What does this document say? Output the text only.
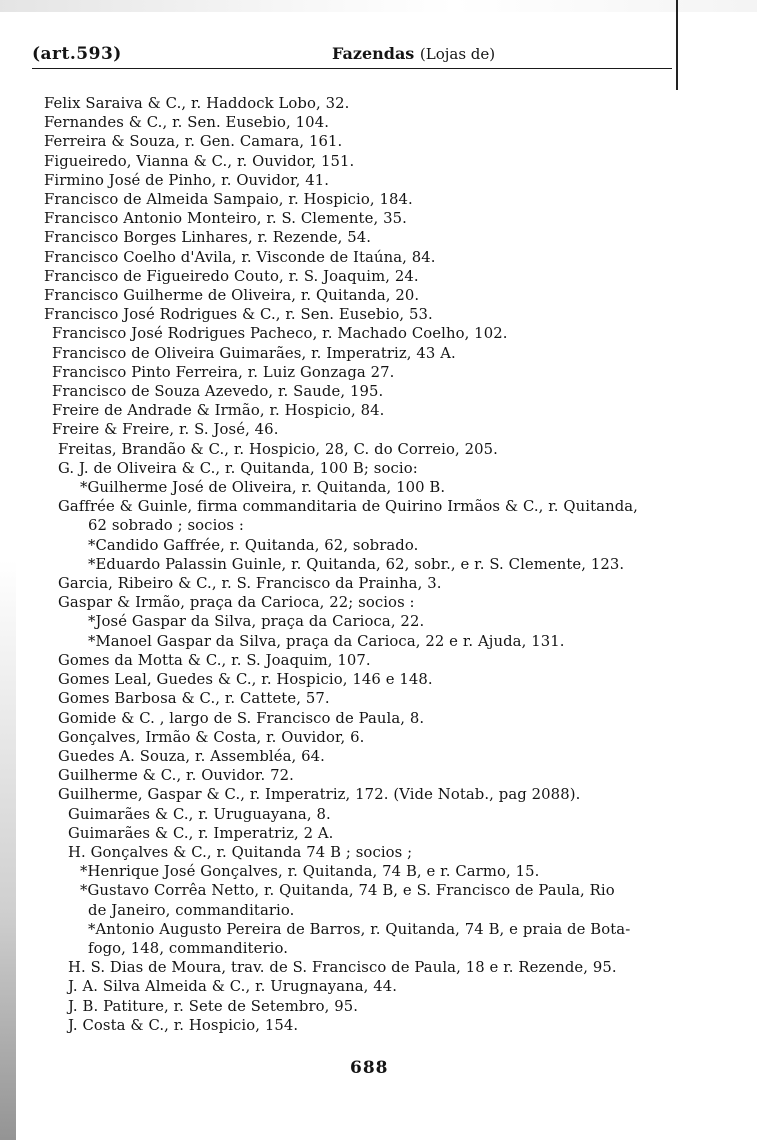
(art.593)	Fazendas (Lojas de)
Felix Saraiva & C., r. Haddock Lobo, 32.
Fernandes & C., r. Sen. Eusebio, 104.
Ferreira & Souza, r. Gen. Camara, 161.
Figueiredo, Vianna & C., r. Ouvidor, 151.
Firmino José de Pinho, r. Ouvidor, 41.
Francisco de Almeida Sampaio, r. Hospicio, 184.
Francisco Antonio Monteiro, r. S. Clemente, 35.
Francisco Borges Linhares, r. Rezende, 54.
Francisco Coelho d'Avila, r. Visconde de Itaúna, 84.
Francisco de Figueiredo Couto, r. S. Joaquim, 24.
Francisco Guilherme de Oliveira, r. Quitanda, 20.
Francisco José Rodrigues & C., r. Sen. Eusebio, 53.
Francisco José Rodrigues Pacheco, r. Machado Coelho, 102.
Francisco de Oliveira Guimarães, r. Imperatriz, 43 A.
Francisco Pinto Ferreira, r. Luiz Gonzaga 27.
Francisco de Souza Azevedo, r. Saude, 195.
Freire de Andrade & Irmão, r. Hospicio, 84.
Freire & Freire, r. S. José, 46.
Freitas, Brandão & C., r. Hospicio, 28, C. do Correio, 205.
G. J. de Oliveira & C., r. Quitanda, 100 B; socio:
*Guilherme José de Oliveira, r. Quitanda, 100 B.
Gaffrée & Guinle, firma commanditaria de Quirino Irmãos & C., r. Quitanda,
62 sobrado ; socios :
*Candido Gaffrée, r. Quitanda, 62, sobrado.
*Eduardo Palassin Guinle, r. Quitanda, 62, sobr., e r. S. Clemente, 123.
Garcia, Ribeiro & C., r. S. Francisco da Prainha, 3.
Gaspar & Irmão, praça da Carioca, 22; socios :
*José Gaspar da Silva, praça da Carioca, 22.
*Manoel Gaspar da Silva, praça da Carioca, 22 e r. Ajuda, 131.
Gomes da Motta & C., r. S. Joaquim, 107.
Gomes Leal, Guedes & C., r. Hospicio, 146 e 148.
Gomes Barbosa & C., r. Cattete, 57.
Gomide & C. , largo de S. Francisco de Paula, 8.
Gonçalves, Irmão & Costa, r. Ouvidor, 6.
Guedes A. Souza, r. Assembléa, 64.
Guilherme & C., r. Ouvidor. 72.
Guilherme, Gaspar & C., r. Imperatriz, 172. (Vide Notab., pag 2088).
Guimarães & C., r. Uruguayana, 8.
Guimarães & C., r. Imperatriz, 2 A.
H. Gonçalves & C., r. Quitanda 74 B ; socios ;
*Henrique José Gonçalves, r. Quitanda, 74 B, e r. Carmo, 15.
*Gustavo Corrêa Netto, r. Quitanda, 74 B, e S. Francisco de Paula, Rio
de Janeiro, commanditario.
*Antonio Augusto Pereira de Barros, r. Quitanda, 74 B, e praia de Bota-
fogo, 148, commanditerio.
H. S. Dias de Moura, trav. de S. Francisco de Paula, 18 e r. Rezende, 95.
J. A. Silva Almeida & C., r. Urugnayana, 44.
J. B. Patiture, r. Sete de Setembro, 95.
J. Costa & C., r. Hospicio, 154.
688
